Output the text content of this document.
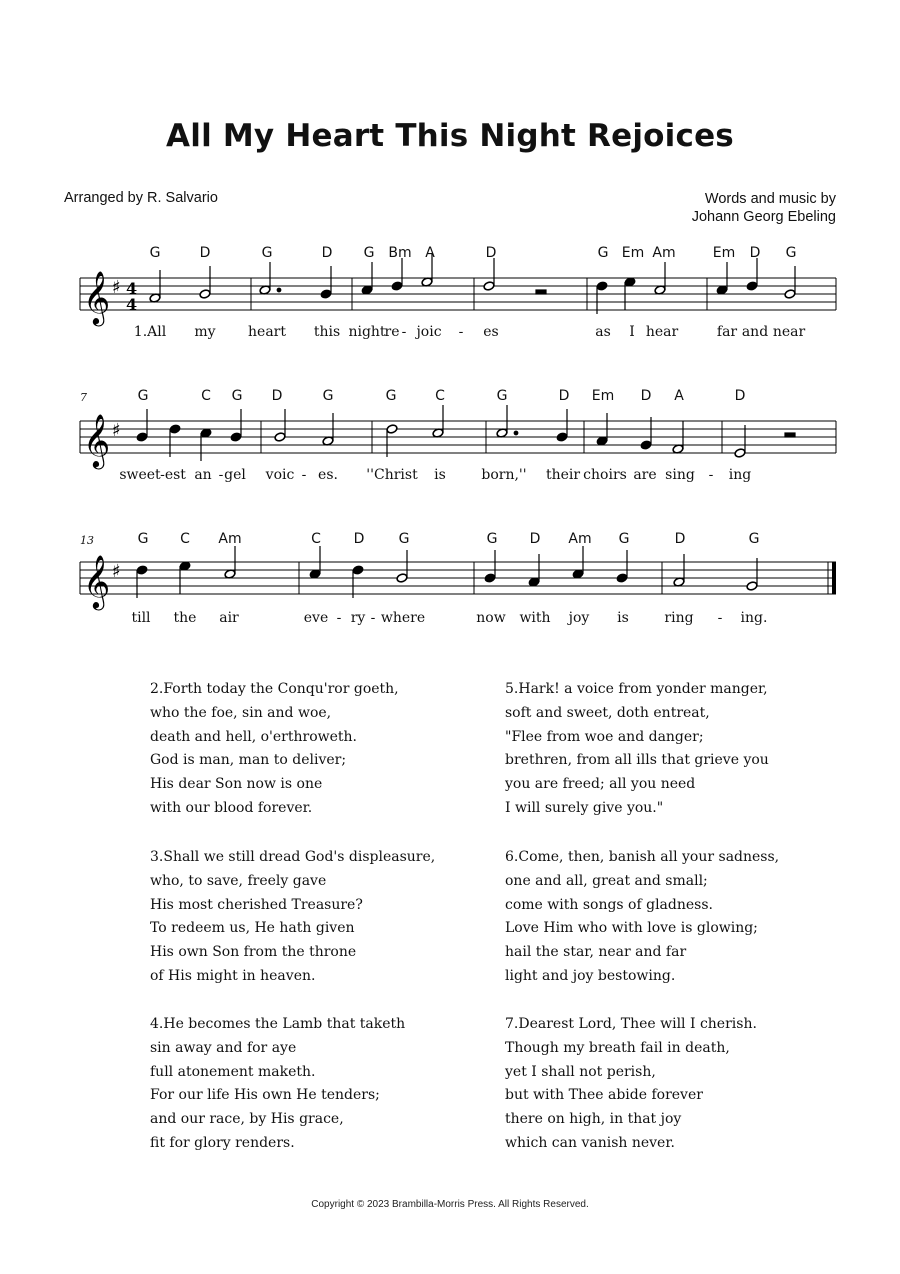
All My Heart This Night Rejoices
Arranged by R. Salvario	Words and music by
Johann Georg Ebeling
𝄞 ♯ 4
4
G	D	G	D G Bm A	D	G Em Am	Em D G
1.All my heart this night
re - joic - es	as I hear	far and near
𝄞 ♯
7	G	C G D	G	G	C	G	D Em D A	D
sweet -est an - gel voic - es. ''Christ is	born,'' their choirs are sing - ing
𝄞 ♯
13	G C Am	C D G	G D Am G	D	G
till the air	eve - ry - where	now with joy is	ring - ing.
2.Forth today the Conqu'ror goeth,
who the foe, sin and woe,
death and hell, o'erthroweth.
God is man, man to deliver;
His dear Son now is one
with our blood forever.
3.Shall we still dread God's displeasure,
who, to save, freely gave
His most cherished Treasure?
To redeem us, He hath given
His own Son from the throne
of His might in heaven.
4.He becomes the Lamb that taketh
sin away and for aye
full atonement maketh.
For our life His own He tenders;
and our race, by His grace,
fit for glory renders.
5.Hark! a voice from yonder manger,
soft and sweet, doth entreat,
"Flee from woe and danger;
brethren, from all ills that grieve you
you are freed; all you need
I will surely give you."
6.Come, then, banish all your sadness,
one and all, great and small;
come with songs of gladness.
Love Him who with love is glowing;
hail the star, near and far
light and joy bestowing.
7.Dearest Lord, Thee will I cherish.
Though my breath fail in death,
yet I shall not perish,
but with Thee abide forever
there on high, in that joy
which can vanish never.
Copyright © 2023 Brambilla-Morris Press. All Rights Reserved.
